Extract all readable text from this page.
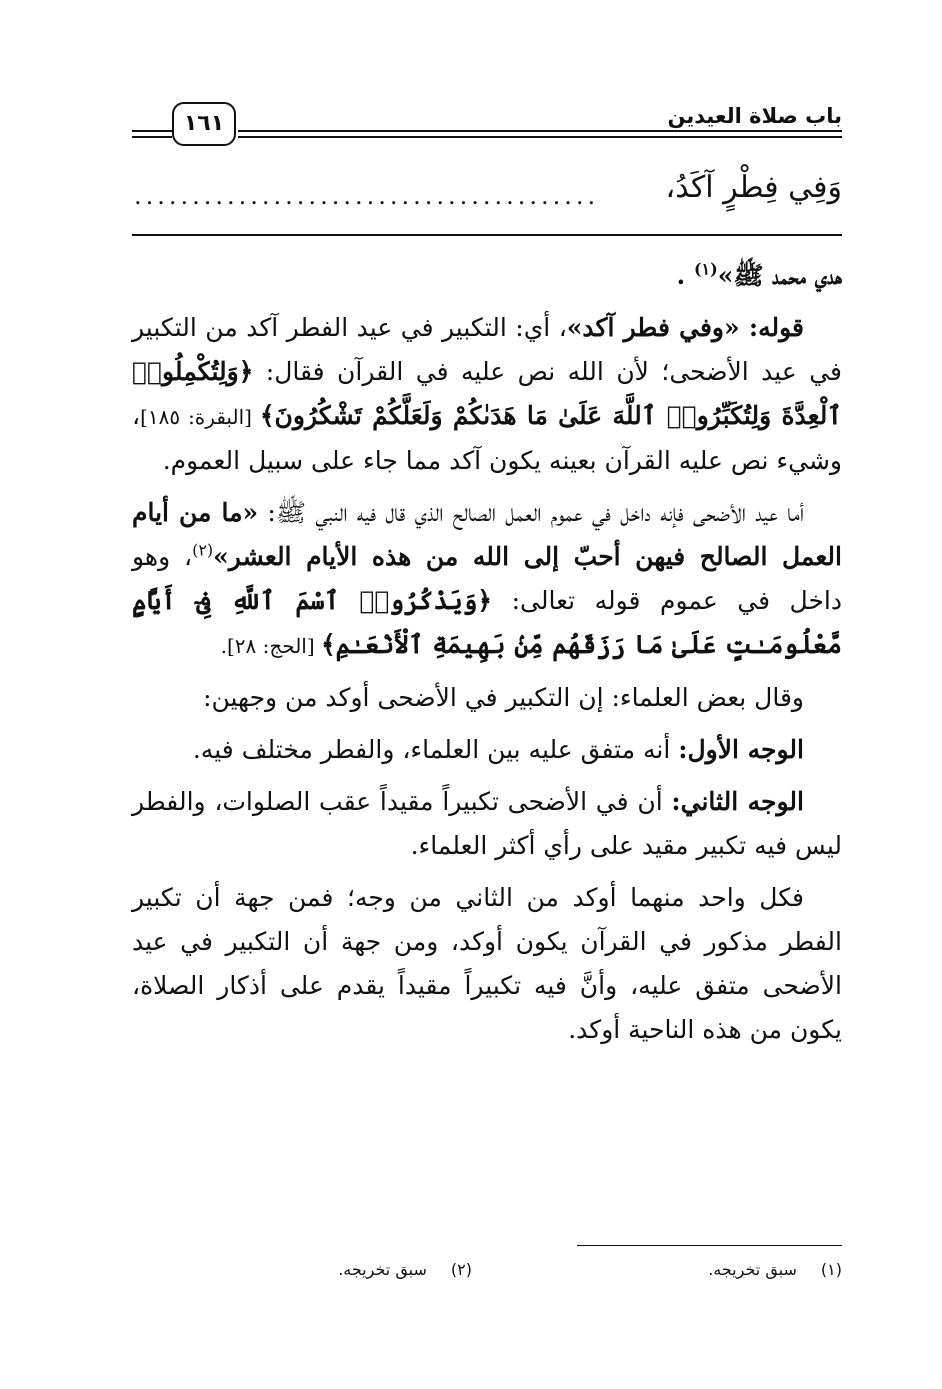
باب صلاة العيدين
١٦١
وَفِي فِطْرٍ آكَدُ،
........................................

هدي محمد ﷺ»$^{(١)}$ .

قوله: «وفي فطر آكد»، أي: التكبير في عيد الفطر آكد من التكبير في عيد الأضحى؛ لأن الله نص عليه في القرآن فقال: ﴿وَلِتُكْمِلُوا۟ ٱلْعِدَّةَ وَلِتُكَبِّرُوا۟ ٱللَّهَ عَلَىٰ مَا هَدَىٰكُمْ وَلَعَلَّكُمْ تَشْكُرُونَ﴾ [البقرة: ١٨٥]، وشيء نص عليه القرآن بعينه يكون آكد مما جاء على سبيل العموم.

أما عيد الأضحى فإنه داخل في عموم العمل الصالح الذي قال فيه النبي ﷺ: «ما من أيام العمل الصالح فيهن أحبّ إلى الله من هذه الأيام العشر»$^{(٢)}$، وهو داخل في عموم قوله تعالى: ﴿وَيَذْكُرُوا۟ ٱسْمَ ٱللَّهِ فِىٓ أَيَّامٍ مَّعْلُومَـٰتٍ عَلَىٰ مَا رَزَقَهُم مِّنۢ بَهِيمَةِ ٱلْأَنْعَـٰمِ﴾ [الحج: ٢٨].

وقال بعض العلماء: إن التكبير في الأضحى أوكد من وجهين:

الوجه الأول: أنه متفق عليه بين العلماء، والفطر مختلف فيه.

الوجه الثاني: أن في الأضحى تكبيراً مقيداً عقب الصلوات، والفطر ليس فيه تكبير مقيد على رأي أكثر العلماء.

فكل واحد منهما أوكد من الثاني من وجه؛ فمن جهة أن تكبير الفطر مذكور في القرآن يكون أوكد، ومن جهة أن التكبير في عيد الأضحى متفق عليه، وأنَّ فيه تكبيراً مقيداً يقدم على أذكار الصلاة، يكون من هذه الناحية أوكد.

(١)سبق تخريجه.
(٢)سبق تخريجه.
